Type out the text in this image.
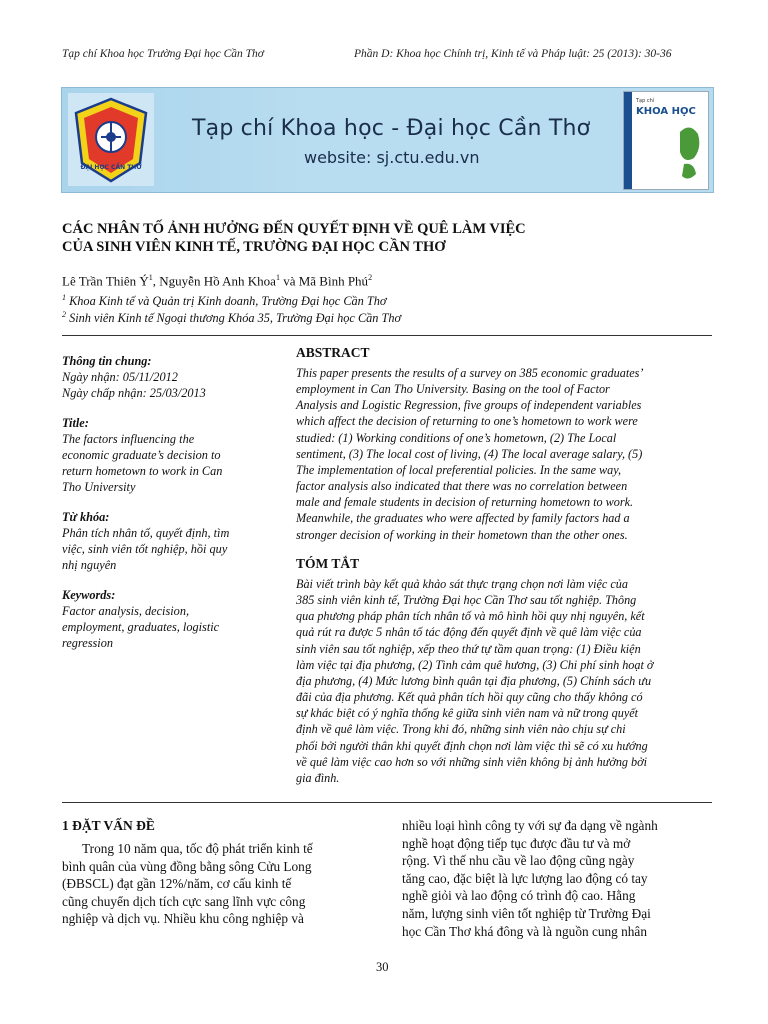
Tạp chí Khoa học Trường Đại học Cần Thơ	Phần D: Khoa học Chính trị, Kinh tế và Pháp luật: 25 (2013): 30-36
ĐẠI HỌC CẦN THƠ
Tạp chí Khoa học - Đại học Cần Thơ
website: sj.ctu.edu.vn
Tạp chí
KHOA HỌC
CÁC NHÂN TỐ ẢNH HƯỞNG ĐẾN QUYẾT ĐỊNH VỀ QUÊ LÀM VIỆC
CỦA SINH VIÊN KINH TẾ, TRƯỜNG ĐẠI HỌC CẦN THƠ
Lê Trần Thiên $Ý^1$, Nguyễn Hồ Anh Khoa$^1$ và Mã Bình Phú$^2$
$^1$ Khoa Kinh tế và Quản trị Kinh doanh, Trường Đại học Cần Thơ
$^2$ Sinh viên Kinh tế Ngoại thương Khóa 35, Trường Đại học Cần Thơ
Thông tin chung:
Ngày nhận: 05/11/2012
Ngày chấp nhận: 25/03/2013
Title:
The factors influencing the
economic graduate’s decision to
return hometown to work in Can
Tho University
Từ khóa:
Phân tích nhân tố, quyết định, tìm
việc, sinh viên tốt nghiệp, hồi quy
nhị nguyên
Keywords:
Factor analysis, decision,
employment, graduates, logistic
regression
ABSTRACT
This paper presents the results of a survey on 385 economic graduates’
employment in Can Tho University. Basing on the tool of Factor
Analysis and Logistic Regression, five groups of independent variables
which affect the decision of returning to one’s hometown to work were
studied: (1) Working conditions of one’s hometown, (2) The Local
sentiment, (3) The local cost of living, (4) The local average salary, (5)
The implementation of local preferential policies. In the same way,
factor analysis also indicated that there was no correlation between
male and female students in decision of returning hometown to work.
Meanwhile, the graduates who were affected by family factors had a
stronger decision of working in their hometown than the other ones.
TÓM TẮT
Bài viết trình bày kết quả khảo sát thực trạng chọn nơi làm việc của
385 sinh viên kinh tế, Trường Đại học Cần Thơ sau tốt nghiệp. Thông
qua phương pháp phân tích nhân tố và mô hình hồi quy nhị nguyên, kết
quả rút ra được 5 nhân tố tác động đến quyết định về quê làm việc của
sinh viên sau tốt nghiệp, xếp theo thứ tự tầm quan trọng: (1) Điều kiện
làm việc tại địa phương, (2) Tình cảm quê hương, (3) Chi phí sinh hoạt ở
địa phương, (4) Mức lương bình quân tại địa phương, (5) Chính sách ưu
đãi của địa phương. Kết quả phân tích hồi quy cũng cho thấy không có
sự khác biệt có ý nghĩa thống kê giữa sinh viên nam và nữ trong quyết
định về quê làm việc. Trong khi đó, những sinh viên nào chịu sự chi
phối bởi người thân khi quyết định chọn nơi làm việc thì sẽ có xu hướng
về quê làm việc cao hơn so với những sinh viên không bị ảnh hưởng bởi
gia đình.
1 ĐẶT VẤN ĐỀ
Trong 10 năm qua, tốc độ phát triển kinh tế
bình quân của vùng đồng bằng sông Cửu Long
(ĐBSCL) đạt gần 12%/năm, cơ cấu kinh tế
cũng chuyển dịch tích cực sang lĩnh vực công
nghiệp và dịch vụ. Nhiều khu công nghiệp và
nhiều loại hình công ty với sự đa dạng về ngành
nghề hoạt động tiếp tục được đầu tư và mở
rộng. Vì thế nhu cầu về lao động cũng ngày
tăng cao, đặc biệt là lực lượng lao động có tay
nghề giỏi và lao động có trình độ cao. Hằng
năm, lượng sinh viên tốt nghiệp từ Trường Đại
học Cần Thơ khá đông và là nguồn cung nhân
30
